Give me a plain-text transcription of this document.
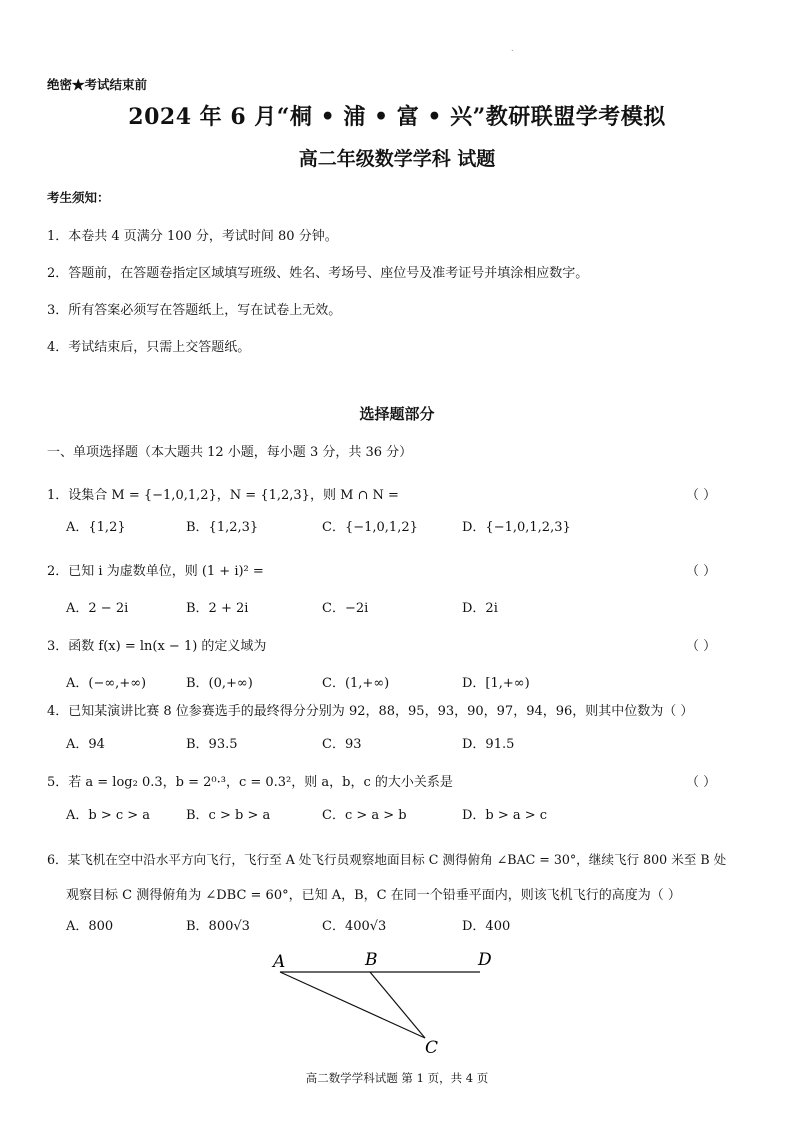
.
绝密★考试结束前
2024 年 6 月“桐 • 浦 • 富 • 兴”教研联盟学考模拟
高二年级数学学科 试题
考生须知：
1．本卷共 4 页满分 100 分，考试时间 80 分钟。
2．答题前，在答题卷指定区域填写班级、姓名、考场号、座位号及准考证号并填涂相应数字。
3．所有答案必须写在答题纸上，写在试卷上无效。
4．考试结束后，只需上交答题纸。
选择题部分
一、单项选择题（本大题共 12 小题，每小题 3 分，共 36 分）
1．设集合 M = {−1,0,1,2}，N = {1,2,3}，则 M ∩ N =	（ ）
A．{1,2}	B．{1,2,3}	C．{−1,0,1,2}	D．{−1,0,1,2,3}
2．已知 i 为虚数单位，则 (1 + i)² =	（ ）
A．2 − 2i	B．2 + 2i	C．−2i	D．2i
3．函数 f(x) = ln(x − 1) 的定义域为	（ ）
A．(−∞,+∞)	B．(0,+∞)	C．(1,+∞)	D．[1,+∞)
4．已知某演讲比赛 8 位参赛选手的最终得分分别为 92，88，95，93，90，97，94，96，则其中位数为（ ）
A．94	B．93.5	C．93	D．91.5
5．若 a = log₂ 0.3，b = 2⁰·³，c = 0.3²，则 a，b，c 的大小关系是	（ ）
A．b > c > a	B．c > b > a	C．c > a > b	D．b > a > c
6．某飞机在空中沿水平方向飞行，飞行至 A 处飞行员观察地面目标 C 测得俯角 ∠BAC = 30°，继续飞行 800 米至 B 处
观察目标 C 测得俯角为 ∠DBC = 60°，已知 A，B，C 在同一个铅垂平面内，则该飞机飞行的高度为（ ）
A．800	B．800√3	C．400√3	D．400
A	B	D
C
高二数学学科试题 第 1 页，共 4 页
